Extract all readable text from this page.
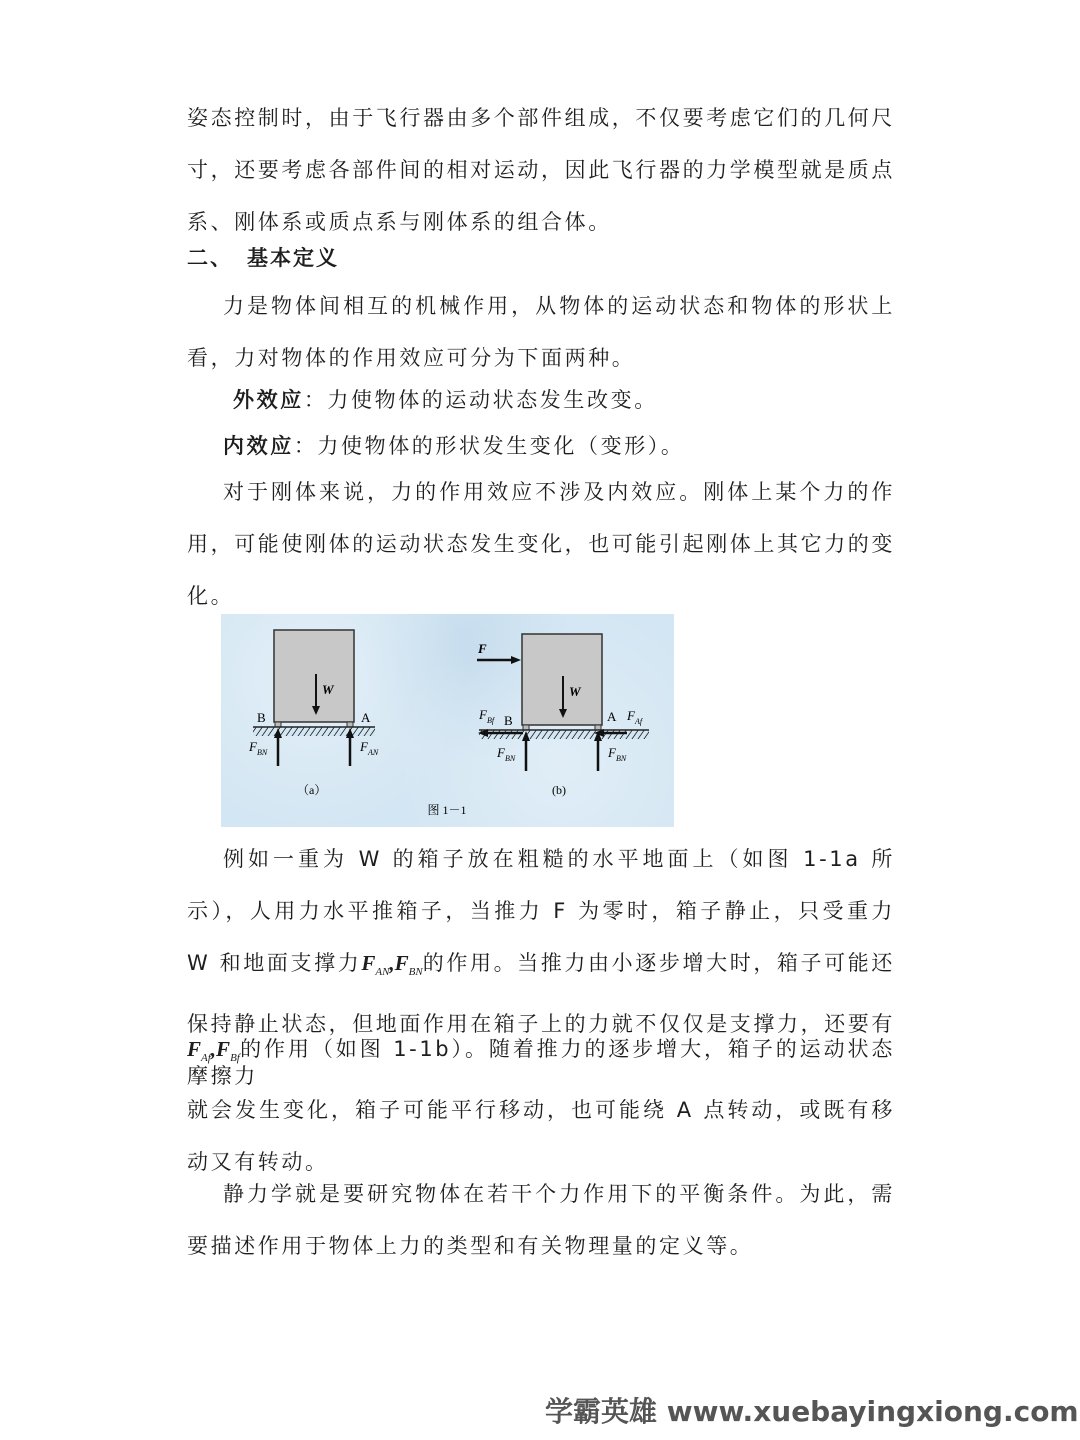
姿态控制时，由于飞行器由多个部件组成，不仅要考虑它们的几何尺寸，还要考虑各部件间的相对运动，因此飞行器的力学模型就是质点系、刚体系或质点系与刚体系的组合体。

二、 基本定义

力是物体间相互的机械作用，从物体的运动状态和物体的形状上看，力对物体的作用效应可分为下面两种。

外效应：力使物体的运动状态发生改变。

内效应：力使物体的形状发生变化（变形）。

对于刚体来说，力的作用效应不涉及内效应。刚体上某个力的作用，可能使刚体的运动状态发生变化，也可能引起刚体上其它力的变化。

W
B	A
$F_{BN}$	$F_{AN}$
（a）
F
W
B	A
$F_{Bf}$	$F_{Af}$
$F_{BN}$	$F_{BN}$
(b)
图 1－1

例如一重为 W 的箱子放在粗糙的水平地面上（如图 1-1a 所示），人用力水平推箱子，当推力 F 为零时，箱子静止，只受重力 W 和地面支撑力$F_{AN},F_{BN}$的作用。当推力由小逐步增大时，箱子可能还保持静止状态，但地面作用在箱子上的力就不仅仅是支撑力，还要有摩擦力

$F_{Af},F_{Bf}$的作用（如图 1-1b）。随着推力的逐步增大，箱子的运动状态就会发生变化，箱子可能平行移动，也可能绕 A 点转动，或既有移动又有转动。

静力学就是要研究物体在若干个力作用下的平衡条件。为此，需要描述作用于物体上力的类型和有关物理量的定义等。

学霸英雄 www.xuebayingxiong.com
